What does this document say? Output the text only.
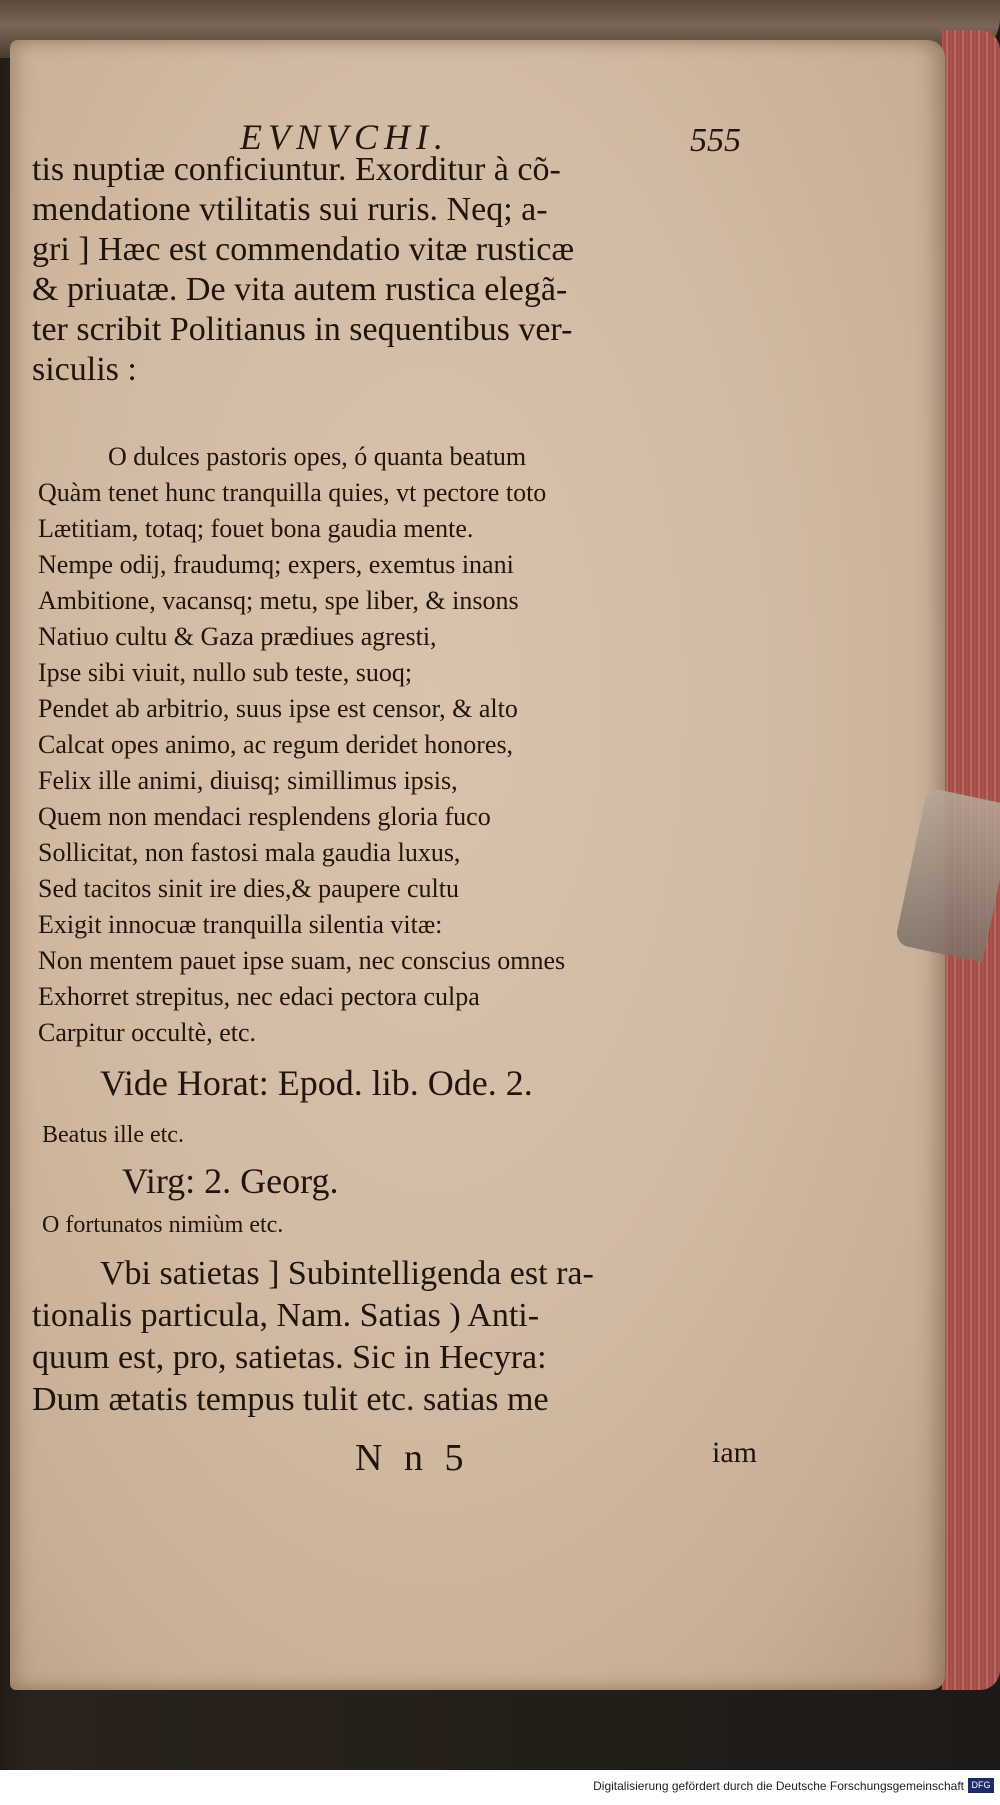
EVNVCHI.	555
tis nuptiæ conficiuntur. Exorditur à cõ-
mendatione vtilitatis sui ruris. Neq; a-
gri ] Hæc est commendatio vitæ rusticæ
& priuatæ. De vita autem rustica elegã-
ter scribit Politianus in sequentibus ver-
siculis :
O dulces pastoris opes, ó quanta beatum
Quàm tenet hunc tranquilla quies, vt pectore toto
Lætitiam, totaq; fouet bona gaudia mente.
Nempe odij, fraudumq; expers, exemtus inani
Ambitione, vacansq; metu, spe liber, & insons
Natiuo cultu & Gaza prædiues agresti,
Ipse sibi viuit, nullo sub teste, suoq;
Pendet ab arbitrio, suus ipse est censor, & alto
Calcat opes animo, ac regum deridet honores,
Felix ille animi, diuisq; simillimus ipsis,
Quem non mendaci resplendens gloria fuco
Sollicitat, non fastosi mala gaudia luxus,
Sed tacitos sinit ire dies,& paupere cultu
Exigit innocuæ tranquilla silentia vitæ:
Non mentem pauet ipse suam, nec conscius omnes
Exhorret strepitus, nec edaci pectora culpa
Carpitur occultè, etc.
Vide Horat: Epod. lib. Ode. 2.
Beatus ille etc.
Virg: 2. Georg.
O fortunatos nimiùm etc.
Vbi satietas ] Subintelligenda est ra-
tionalis particula, Nam. Satias ) Anti-
quum est, pro, satietas. Sic in Hecyra:
Dum ætatis tempus tulit etc. satias me
N n 5	iam
Digitalisierung gefördert durch die Deutsche Forschungsgemeinschaft DFG
